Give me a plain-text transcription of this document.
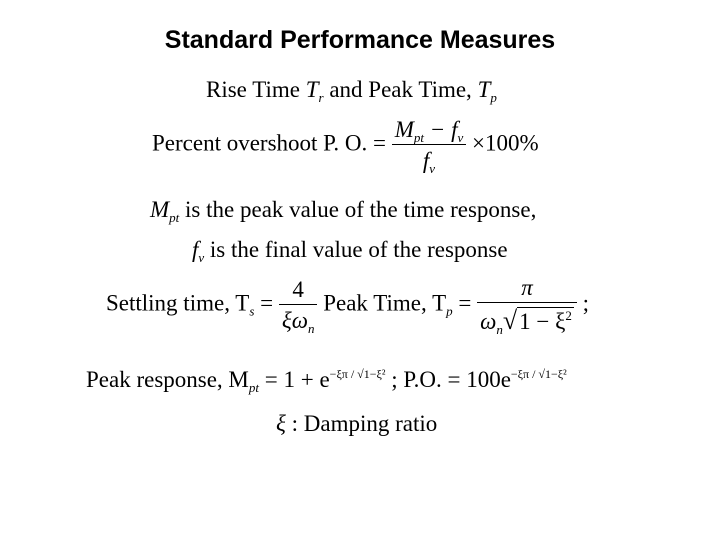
Standard Performance Measures
Rise Time $T_r$ and Peak Time, $T_p$
Percent overshoot P. O. = $\frac{M_{pt} - f_v}{f_v} \times 100\%$
$M_{pt}$ is the peak value of the time response,
$f_v$ is the final value of the response
Settling time, $T_s = \frac{4}{\xi\omega_n}$ Peak Time, $T_p = \frac{\pi}{\omega_n√1 - \xi^2}$ ;
Peak response, $M_{pt} = 1 + e^{-\xi\pi / √1-\xi^2}$ ; P.O. = $100e^{-\xi\pi / √1-\xi^2}$
ξ : Damping ratio
